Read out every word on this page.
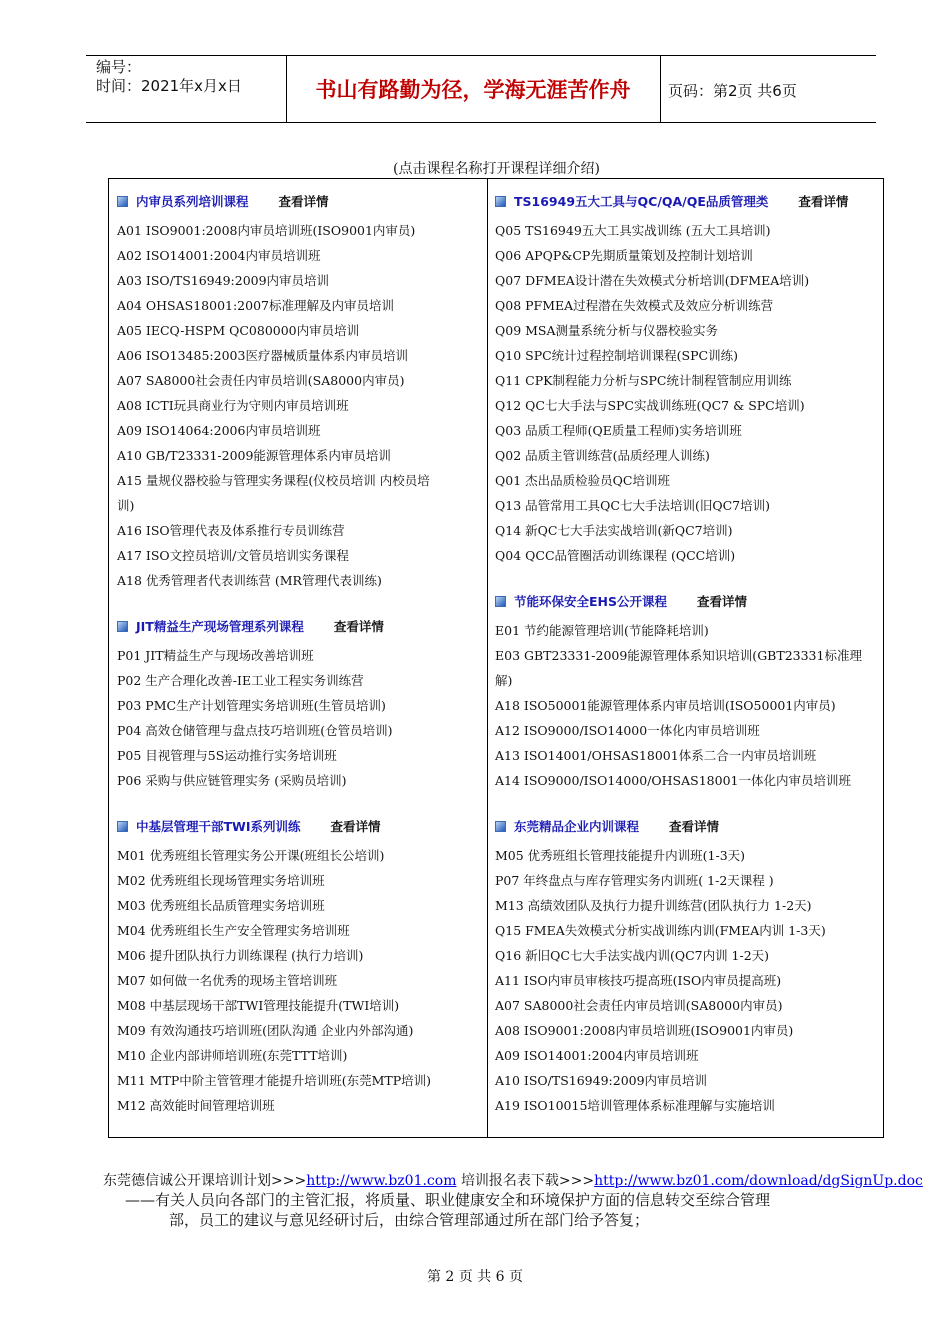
编号：
时间：2021年x月x日	书山有路勤为径，学海无涯苦作舟	页码：第2页 共6页
(点击课程名称打开课程详细介绍)
内审员系列培训课程 查看详情
A01 ISO9001:2008内审员培训班(ISO9001内审员)
A02 ISO14001:2004内审员培训班
A03 ISO/TS16949:2009内审员培训
A04 OHSAS18001:2007标准理解及内审员培训
A05 IECQ-HSPM QC080000内审员培训
A06 ISO13485:2003医疗器械质量体系内审员培训
A07 SA8000社会责任内审员培训(SA8000内审员)
A08 ICTI玩具商业行为守则内审员培训班
A09 ISO14064:2006内审员培训班
A10 GB/T23331-2009能源管理体系内审员培训
A15 量规仪器校验与管理实务课程(仪校员培训 内校员培
训)
A16 ISO管理代表及体系推行专员训练营
A17 ISO文控员培训/文管员培训实务课程
A18 优秀管理者代表训练营 (MR管理代表训练)
JIT精益生产现场管理系列课程 查看详情
P01 JIT精益生产与现场改善培训班
P02 生产合理化改善-IE工业工程实务训练营
P03 PMC生产计划管理实务培训班(生管员培训)
P04 高效仓储管理与盘点技巧培训班(仓管员培训)
P05 目视管理与5S运动推行实务培训班
P06 采购与供应链管理实务 (采购员培训)
中基层管理干部TWI系列训练 查看详情
M01 优秀班组长管理实务公开课(班组长公培训)
M02 优秀班组长现场管理实务培训班
M03 优秀班组长品质管理实务培训班
M04 优秀班组长生产安全管理实务培训班
M06 提升团队执行力训练课程 (执行力培训)
M07 如何做一名优秀的现场主管培训班
M08 中基层现场干部TWI管理技能提升(TWI培训)
M09 有效沟通技巧培训班(团队沟通 企业内外部沟通)
M10 企业内部讲师培训班(东莞TTT培训)
M11 MTP中阶主管管理才能提升培训班(东莞MTP培训)
M12 高效能时间管理培训班
TS16949五大工具与QC/QA/QE品质管理类 查看详情
Q05 TS16949五大工具实战训练 (五大工具培训)
Q06 APQP&CP先期质量策划及控制计划培训
Q07 DFMEA设计潜在失效模式分析培训(DFMEA培训)
Q08 PFMEA过程潜在失效模式及效应分析训练营
Q09 MSA测量系统分析与仪器校验实务
Q10 SPC统计过程控制培训课程(SPC训练)
Q11 CPK制程能力分析与SPC统计制程管制应用训练
Q12 QC七大手法与SPC实战训练班(QC7 & SPC培训)
Q03 品质工程师(QE质量工程师)实务培训班
Q02 品质主管训练营(品质经理人训练)
Q01 杰出品质检验员QC培训班
Q13 品管常用工具QC七大手法培训(旧QC7培训)
Q14 新QC七大手法实战培训(新QC7培训)
Q04 QCC品管圈活动训练课程 (QCC培训)
节能环保安全EHS公开课程 查看详情
E01 节约能源管理培训(节能降耗培训)
E03 GBT23331-2009能源管理体系知识培训(GBT23331标准理
解)
A18 ISO50001能源管理体系内审员培训(ISO50001内审员)
A12 ISO9000/ISO14000一体化内审员培训班
A13 ISO14001/OHSAS18001体系二合一内审员培训班
A14 ISO9000/ISO14000/OHSAS18001一体化内审员培训班
东莞精品企业内训课程 查看详情
M05 优秀班组长管理技能提升内训班(1-3天)
P07 年终盘点与库存管理实务内训班( 1-2天课程 )
M13 高绩效团队及执行力提升训练营(团队执行力 1-2天)
Q15 FMEA失效模式分析实战训练内训(FMEA内训 1-3天)
Q16 新旧QC七大手法实战内训(QC7内训 1-2天)
A11 ISO内审员审核技巧提高班(ISO内审员提高班)
A07 SA8000社会责任内审员培训(SA8000内审员)
A08 ISO9001:2008内审员培训班(ISO9001内审员)
A09 ISO14001:2004内审员培训班
A10 ISO/TS16949:2009内审员培训
A19 ISO10015培训管理体系标准理解与实施培训
东莞德信诚公开课培训计划>>>http://www.bz01.com 培训报名表下载>>>http://www.bz01.com/download/dgSignUp.doc
——有关人员向各部门的主管汇报，将质量、职业健康安全和环境保护方面的信息转交至综合管理
部，员工的建议与意见经研讨后，由综合管理部通过所在部门给予答复；
第 2 页 共 6 页
